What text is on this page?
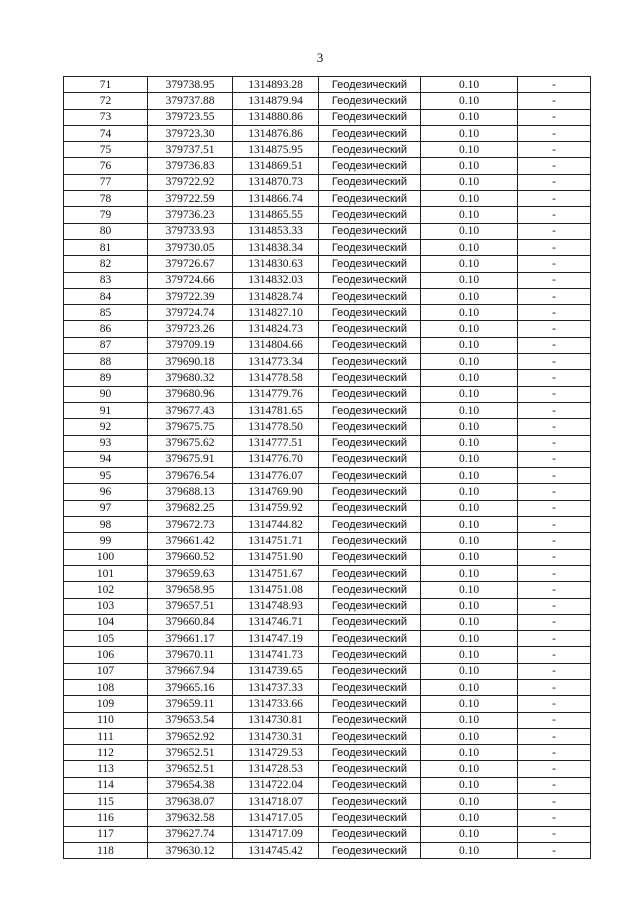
3
71	379738.95	1314893.28	Геодезический	0.10	-
72	379737.88	1314879.94	Геодезический	0.10	-
73	379723.55	1314880.86	Геодезический	0.10	-
74	379723.30	1314876.86	Геодезический	0.10	-
75	379737.51	1314875.95	Геодезический	0.10	-
76	379736.83	1314869.51	Геодезический	0.10	-
77	379722.92	1314870.73	Геодезический	0.10	-
78	379722.59	1314866.74	Геодезический	0.10	-
79	379736.23	1314865.55	Геодезический	0.10	-
80	379733.93	1314853.33	Геодезический	0.10	-
81	379730.05	1314838.34	Геодезический	0.10	-
82	379726.67	1314830.63	Геодезический	0.10	-
83	379724.66	1314832.03	Геодезический	0.10	-
84	379722.39	1314828.74	Геодезический	0.10	-
85	379724.74	1314827.10	Геодезический	0.10	-
86	379723.26	1314824.73	Геодезический	0.10	-
87	379709.19	1314804.66	Геодезический	0.10	-
88	379690.18	1314773.34	Геодезический	0.10	-
89	379680.32	1314778.58	Геодезический	0.10	-
90	379680.96	1314779.76	Геодезический	0.10	-
91	379677.43	1314781.65	Геодезический	0.10	-
92	379675.75	1314778.50	Геодезический	0.10	-
93	379675.62	1314777.51	Геодезический	0.10	-
94	379675.91	1314776.70	Геодезический	0.10	-
95	379676.54	1314776.07	Геодезический	0.10	-
96	379688.13	1314769.90	Геодезический	0.10	-
97	379682.25	1314759.92	Геодезический	0.10	-
98	379672.73	1314744.82	Геодезический	0.10	-
99	379661.42	1314751.71	Геодезический	0.10	-
100	379660.52	1314751.90	Геодезический	0.10	-
101	379659.63	1314751.67	Геодезический	0.10	-
102	379658.95	1314751.08	Геодезический	0.10	-
103	379657.51	1314748.93	Геодезический	0.10	-
104	379660.84	1314746.71	Геодезический	0.10	-
105	379661.17	1314747.19	Геодезический	0.10	-
106	379670.11	1314741.73	Геодезический	0.10	-
107	379667.94	1314739.65	Геодезический	0.10	-
108	379665.16	1314737.33	Геодезический	0.10	-
109	379659.11	1314733.66	Геодезический	0.10	-
110	379653.54	1314730.81	Геодезический	0.10	-
111	379652.92	1314730.31	Геодезический	0.10	-
112	379652.51	1314729.53	Геодезический	0.10	-
113	379652.51	1314728.53	Геодезический	0.10	-
114	379654.38	1314722.04	Геодезический	0.10	-
115	379638.07	1314718.07	Геодезический	0.10	-
116	379632.58	1314717.05	Геодезический	0.10	-
117	379627.74	1314717.09	Геодезический	0.10	-
118	379630.12	1314745.42	Геодезический	0.10	-
